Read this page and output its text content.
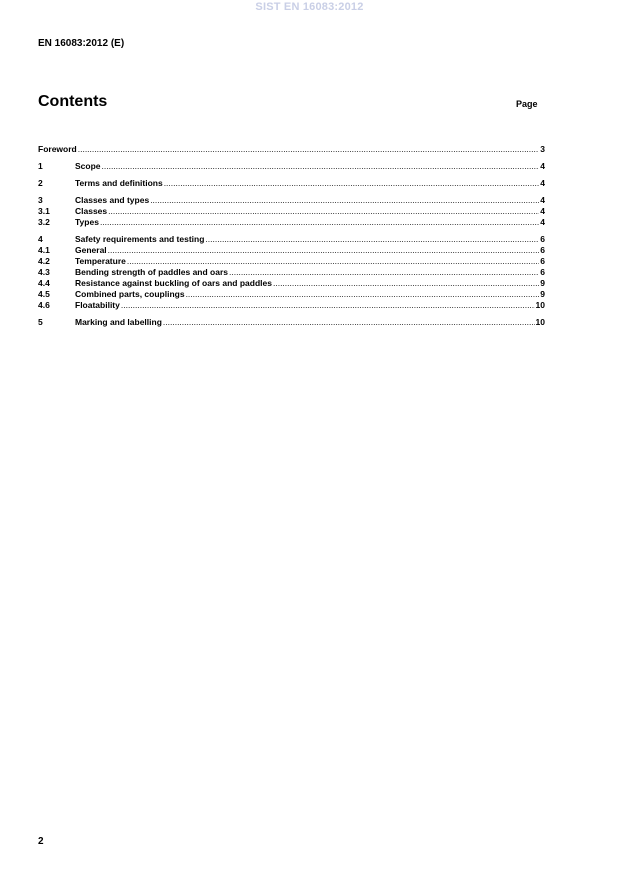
SIST EN 16083:2012
EN 16083:2012 (E)
Contents	Page
Foreword .....	3
1	Scope .....	4
2	Terms and definitions .....	4
3	Classes and types .....	4
3.1	Classes .....	4
3.2	Types .....	4
4	Safety requirements and testing .....	6
4.1	General .....	6
4.2	Temperature .....	6
4.3	Bending strength of paddles and oars .....	6
4.4	Resistance against buckling of oars and paddles .....	9
4.5	Combined parts, couplings .....	9
4.6	Floatability .....	10
5	Marking and labelling .....	10
2
